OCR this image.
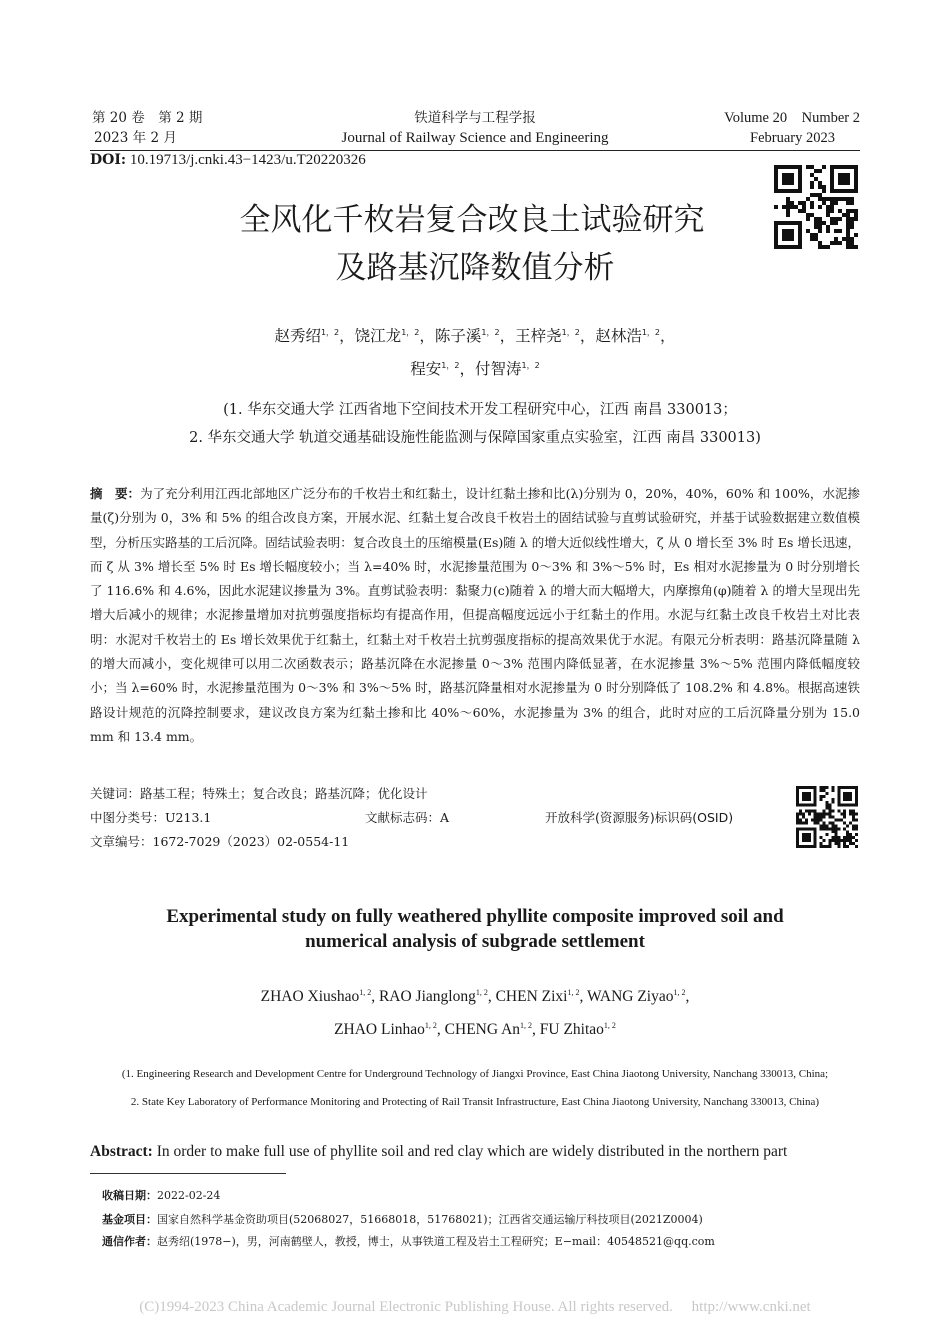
第 20 卷　第 2 期
2023 年 2 月
铁道科学与工程学报
Journal of Railway Science and Engineering
Volume 20　Number 2
February 2023
DOI: 10.19713/j.cnki.43−1423/u.T20220326
全风化千枚岩复合改良土试验研究
及路基沉降数值分析
赵秀绍$^{1,2}$，饶江龙$^{1,2}$，陈子溪$^{1,2}$，王梓尧$^{1,2}$，赵林浩$^{1,2}$，
程安$^{1,2}$，付智涛$^{1,2}$
(1. 华东交通大学 江西省地下空间技术开发工程研究中心，江西 南昌 330013；
2. 华东交通大学 轨道交通基础设施性能监测与保障国家重点实验室，江西 南昌 330013)
摘　要：为了充分利用江西北部地区广泛分布的千枚岩土和红黏土，设计红黏土掺和比(λ)分别为 0，20%，40%，60% 和 100%，水泥掺量(ζ)分别为 0，3% 和 5% 的组合改良方案，开展水泥、红黏土复合改良千枚岩土的固结试验与直剪试验研究，并基于试验数据建立数值模型，分析压实路基的工后沉降。固结试验表明：复合改良土的压缩模量(Es)随 λ 的增大近似线性增大，ζ 从 0 增长至 3% 时 Es 增长迅速，而 ζ 从 3% 增长至 5% 时 Es 增长幅度较小；当 λ=40% 时，水泥掺量范围为 0～3% 和 3%～5% 时，Es 相对水泥掺量为 0 时分别增长了 116.6% 和 4.6%，因此水泥建议掺量为 3%。直剪试验表明：黏聚力(c)随着 λ 的增大而大幅增大，内摩擦角(φ)随着 λ 的增大呈现出先增大后减小的规律；水泥掺量增加对抗剪强度指标均有提高作用，但提高幅度远远小于红黏土的作用。水泥与红黏土改良千枚岩土对比表明：水泥对千枚岩土的 Es 增长效果优于红黏土，红黏土对千枚岩土抗剪强度指标的提高效果优于水泥。有限元分析表明：路基沉降量随 λ 的增大而减小，变化规律可以用二次函数表示；路基沉降在水泥掺量 0～3% 范围内降低显著，在水泥掺量 3%～5% 范围内降低幅度较小；当 λ=60% 时，水泥掺量范围为 0～3% 和 3%～5% 时，路基沉降量相对水泥掺量为 0 时分别降低了 108.2% 和 4.8%。根据高速铁路设计规范的沉降控制要求，建议改良方案为红黏土掺和比 40%～60%，水泥掺量为 3% 的组合，此时对应的工后沉降量分别为 15.0 mm 和 13.4 mm。
关键词：路基工程；特殊土；复合改良；路基沉降；优化设计
中图分类号：U213.1	文献标志码：A	开放科学(资源服务)标识码(OSID)
文章编号：1672-7029（2023）02-0554-11
Experimental study on fully weathered phyllite composite improved soil and
numerical analysis of subgrade settlement
ZHAO Xiushao$^{1, 2}$, RAO Jianglong$^{1, 2}$, CHEN Zixi$^{1, 2}$, WANG Ziyao$^{1, 2}$,
ZHAO Linhao$^{1, 2}$, CHENG An$^{1, 2}$, FU Zhitao$^{1, 2}$
(1. Engineering Research and Development Centre for Underground Technology of Jiangxi Province, East China Jiaotong University, Nanchang 330013, China;
2. State Key Laboratory of Performance Monitoring and Protecting of Rail Transit Infrastructure, East China Jiaotong University, Nanchang 330013, China)
Abstract: In order to make full use of phyllite soil and red clay which are widely distributed in the northern part
收稿日期：2022-02-24
基金项目：国家自然科学基金资助项目(52068027，51668018，51768021)；江西省交通运输厅科技项目(2021Z0004)
通信作者：赵秀绍(1978−)，男，河南鹤壁人，教授，博士，从事铁道工程及岩土工程研究；E−mail：40548521@qq.com
(C)1994-2023 China Academic Journal Electronic Publishing House. All rights reserved.　 http://www.cnki.net
